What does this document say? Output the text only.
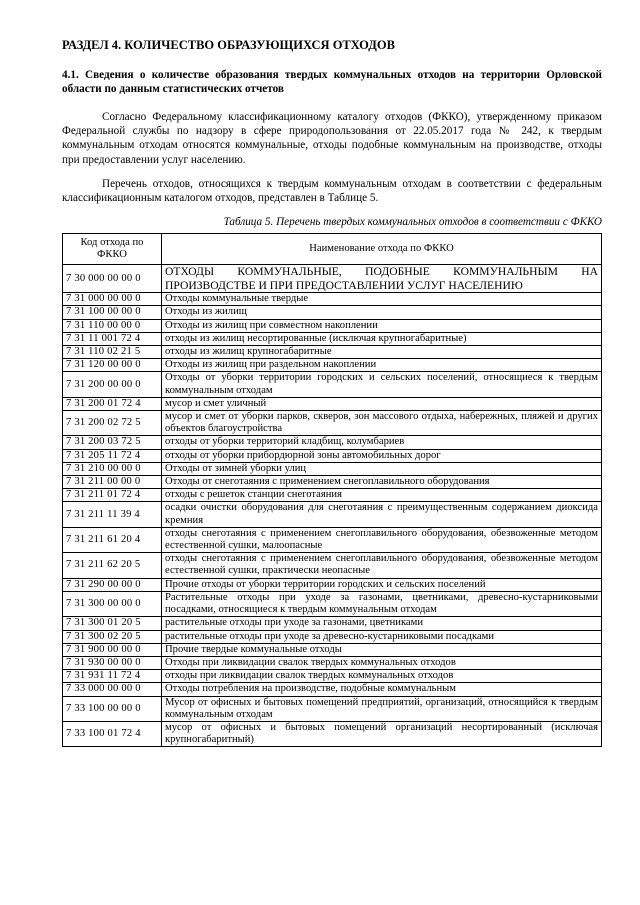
РАЗДЕЛ 4. КОЛИЧЕСТВО ОБРАЗУЮЩИХСЯ ОТХОДОВ
4.1. Сведения о количестве образования твердых коммунальных отходов на территории Орловской области по данным статистических отчетов

Согласно Федеральному классификационному каталогу отходов (ФККО), утвержденному приказом Федеральной службы по надзору в сфере природопользования от 22.05.2017 года № 242, к твердым коммунальным отходам относятся коммунальные, отходы подобные коммунальным на производстве, отходы при предоставлении услуг населению.

Перечень отходов, относящихся к твердым коммунальным отходам в соответствии с федеральным классификационным каталогом отходов, представлен в Таблице 5.

Таблица 5. Перечень твердых коммунальных отходов в соответствии с ФККО
Код отхода по ФККО	Наименование отхода по ФККО
7 30 000 00 00 0	ОТХОДЫ КОММУНАЛЬНЫЕ, ПОДОБНЫЕ КОММУНАЛЬНЫМ НА ПРОИЗВОДСТВЕ И ПРИ ПРЕДОСТАВЛЕНИИ УСЛУГ НАСЕЛЕНИЮ
7 31 000 00 00 0	Отходы коммунальные твердые
7 31 100 00 00 0	Отходы из жилищ
7 31 110 00 00 0	Отходы из жилищ при совместном накоплении
7 31 11 001 72 4	отходы из жилищ несортированные (исключая крупногабаритные)
7 31 110 02 21 5	отходы из жилищ крупногабаритные
7 31 120 00 00 0	Отходы из жилищ при раздельном накоплении
7 31 200 00 00 0	Отходы от уборки территории городских и сельских поселений, относящиеся к твердым коммунальным отходам
7 31 200 01 72 4	мусор и смет уличный
7 31 200 02 72 5	мусор и смет от уборки парков, скверов, зон массового отдыха, набережных, пляжей и других объектов благоустройства
7 31 200 03 72 5	отходы от уборки территорий кладбищ, колумбариев
7 31 205 11 72 4	отходы от уборки прибордюрной зоны автомобильных дорог
7 31 210 00 00 0	Отходы от зимней уборки улиц
7 31 211 00 00 0	Отходы от снеготаяния с применением снегоплавильного оборудования
7 31 211 01 72 4	отходы с решеток станции снеготаяния
7 31 211 11 39 4	осадки очистки оборудования для снеготаяния с преимущественным содержанием диоксида кремния
7 31 211 61 20 4	отходы снеготаяния с применением снегоплавильного оборудования, обезвоженные методом естественной сушки, малоопасные
7 31 211 62 20 5	отходы снеготаяния с применением снегоплавильного оборудования, обезвоженные методом естественной сушки, практически неопасные
7 31 290 00 00 0	Прочие отходы от уборки территории городских и сельских поселений
7 31 300 00 00 0	Растительные отходы при уходе за газонами, цветниками, древесно-кустарниковыми посадками, относящиеся к твердым коммунальным отходам
7 31 300 01 20 5	растительные отходы при уходе за газонами, цветниками
7 31 300 02 20 5	растительные отходы при уходе за древесно-кустарниковыми посадками
7 31 900 00 00 0	Прочие твердые коммунальные отходы
7 31 930 00 00 0	Отходы при ликвидации свалок твердых коммунальных отходов
7 31 931 11 72 4	отходы при ликвидации свалок твердых коммунальных отходов
7 33 000 00 00 0	Отходы потребления на производстве, подобные коммунальным
7 33 100 00 00 0	Мусор от офисных и бытовых помещений предприятий, организаций, относящийся к твердым коммунальным отходам
7 33 100 01 72 4	мусор от офисных и бытовых помещений организаций несортированный (исключая крупногабаритный)
